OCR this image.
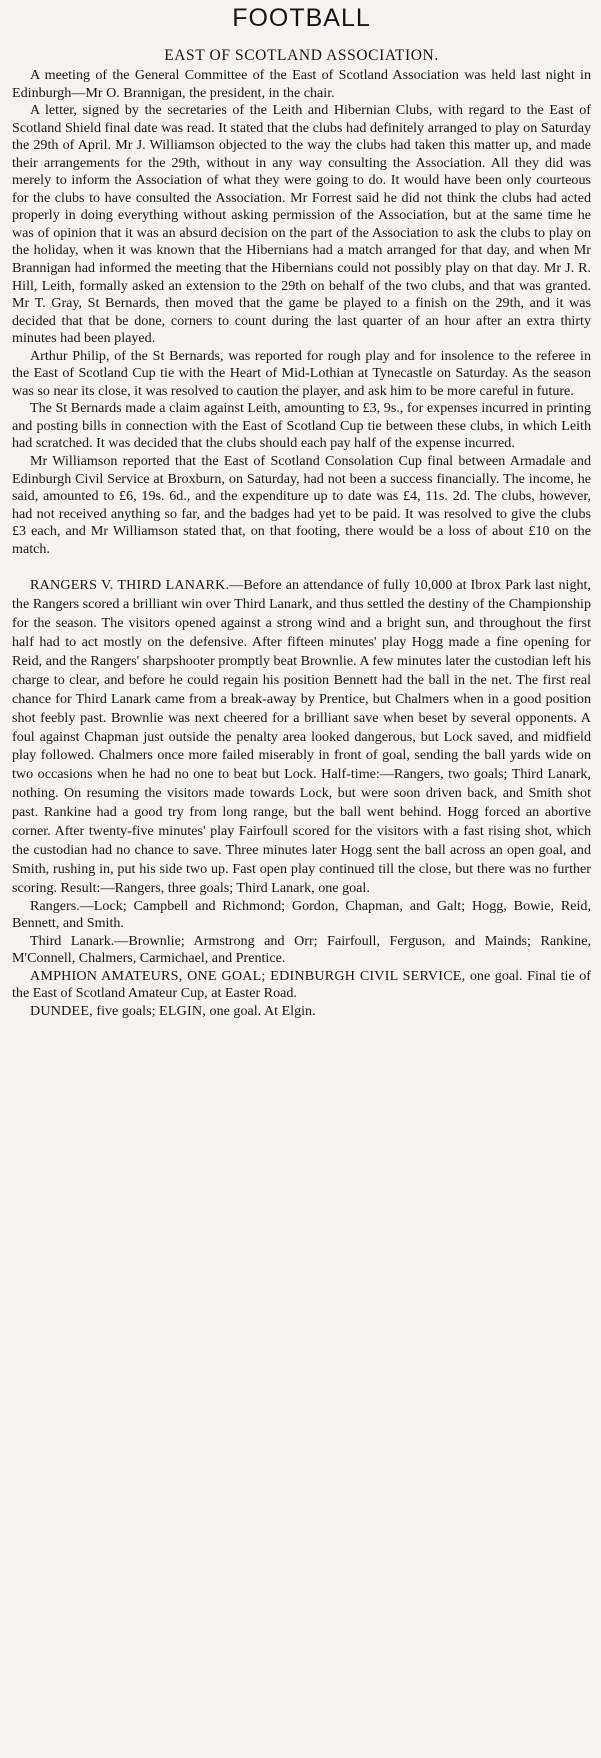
FOOTBALL
EAST OF SCOTLAND ASSOCIATION.

A meeting of the General Committee of the East of Scotland Association was held last night in Edinburgh—Mr O. Brannigan, the president, in the chair.

A letter, signed by the secretaries of the Leith and Hibernian Clubs, with regard to the East of Scotland Shield final date was read. It stated that the clubs had definitely arranged to play on Saturday the 29th of April. Mr J. Williamson objected to the way the clubs had taken this matter up, and made their arrangements for the 29th, without in any way consulting the Association. All they did was merely to inform the Association of what they were going to do. It would have been only courteous for the clubs to have consulted the Association. Mr Forrest said he did not think the clubs had acted properly in doing everything without asking permission of the Association, but at the same time he was of opinion that it was an absurd decision on the part of the Association to ask the clubs to play on the holiday, when it was known that the Hibernians had a match arranged for that day, and when Mr Brannigan had informed the meeting that the Hibernians could not possibly play on that day. Mr J. R. Hill, Leith, formally asked an extension to the 29th on behalf of the two clubs, and that was granted. Mr T. Gray, St Bernards, then moved that the game be played to a finish on the 29th, and it was decided that that be done, corners to count during the last quarter of an hour after an extra thirty minutes had been played.

Arthur Philip, of the St Bernards, was reported for rough play and for insolence to the referee in the East of Scotland Cup tie with the Heart of Mid-Lothian at Tynecastle on Saturday. As the season was so near its close, it was resolved to caution the player, and ask him to be more careful in future.

The St Bernards made a claim against Leith, amounting to £3, 9s., for expenses incurred in printing and posting bills in connection with the East of Scotland Cup tie between these clubs, in which Leith had scratched. It was decided that the clubs should each pay half of the expense incurred.

Mr Williamson reported that the East of Scotland Consolation Cup final between Armadale and Edinburgh Civil Service at Broxburn, on Saturday, had not been a success financially. The income, he said, amounted to £6, 19s. 6d., and the expenditure up to date was £4, 11s. 2d. The clubs, however, had not received anything so far, and the badges had yet to be paid. It was resolved to give the clubs £3 each, and Mr Williamson stated that, on that footing, there would be a loss of about £10 on the match.

RANGERS V. THIRD LANARK.—Before an attendance of fully 10,000 at Ibrox Park last night, the Rangers scored a brilliant win over Third Lanark, and thus settled the destiny of the Championship for the season. The visitors opened against a strong wind and a bright sun, and throughout the first half had to act mostly on the defensive. After fifteen minutes' play Hogg made a fine opening for Reid, and the Rangers' sharpshooter promptly beat Brownlie. A few minutes later the custodian left his charge to clear, and before he could regain his position Bennett had the ball in the net. The first real chance for Third Lanark came from a break-away by Prentice, but Chalmers when in a good position shot feebly past. Brownlie was next cheered for a brilliant save when beset by several opponents. A foul against Chapman just outside the penalty area looked dangerous, but Lock saved, and midfield play followed. Chalmers once more failed miserably in front of goal, sending the ball yards wide on two occasions when he had no one to beat but Lock. Half-time:—Rangers, two goals; Third Lanark, nothing. On resuming the visitors made towards Lock, but were soon driven back, and Smith shot past. Rankine had a good try from long range, but the ball went behind. Hogg forced an abortive corner. After twenty-five minutes' play Fairfoull scored for the visitors with a fast rising shot, which the custodian had no chance to save. Three minutes later Hogg sent the ball across an open goal, and Smith, rushing in, put his side two up. Fast open play continued till the close, but there was no further scoring. Result:—Rangers, three goals; Third Lanark, one goal.

Rangers.—Lock; Campbell and Richmond; Gordon, Chapman, and Galt; Hogg, Bowie, Reid, Bennett, and Smith.

Third Lanark.—Brownlie; Armstrong and Orr; Fairfoull, Ferguson, and Mainds; Rankine, M'Connell, Chalmers, Carmichael, and Prentice.

AMPHION AMATEURS, ONE GOAL; EDINBURGH CIVIL SERVICE, one goal. Final tie of the East of Scotland Amateur Cup, at Easter Road.

DUNDEE, five goals; ELGIN, one goal. At Elgin.
